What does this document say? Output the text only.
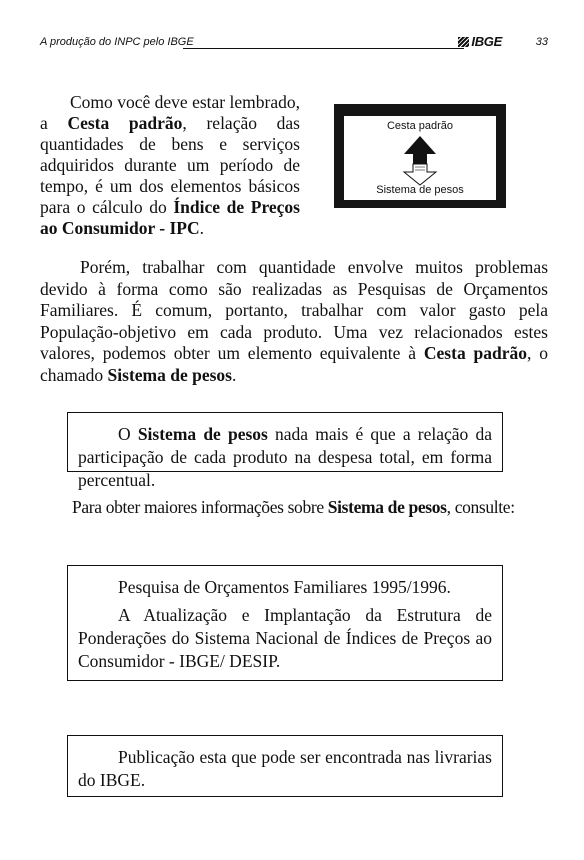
A produção do INPC pelo IBGE	IBGE	33
Como você deve estar lembrado, a Cesta padrão, relação das quantidades de bens e serviços adquiridos durante um período de tempo, é um dos elementos básicos para o cálculo do Índice de Preços ao Consumidor - IPC.
Cesta padrão
Sistema de pesos
Porém, trabalhar com quantidade envolve muitos problemas devido à forma como são realizadas as Pesquisas de Orçamentos Familiares. É comum, portanto, trabalhar com valor gasto pela População-objetivo em cada produto. Uma vez relacionados estes valores, podemos obter um elemento equivalente à Cesta padrão, o chamado Sistema de pesos.
O Sistema de pesos nada mais é que a relação da participação de cada produto na despesa total, em forma percentual.
Para obter maiores informações sobre Sistema de pesos, consulte:
Pesquisa de Orçamentos Familiares 1995/1996.
A Atualização e Implantação da Estrutura de Ponderações do Sistema Nacional de Índices de Preços ao Consumidor - IBGE/ DESIP.
Publicação esta que pode ser encontrada nas livrarias do IBGE.
